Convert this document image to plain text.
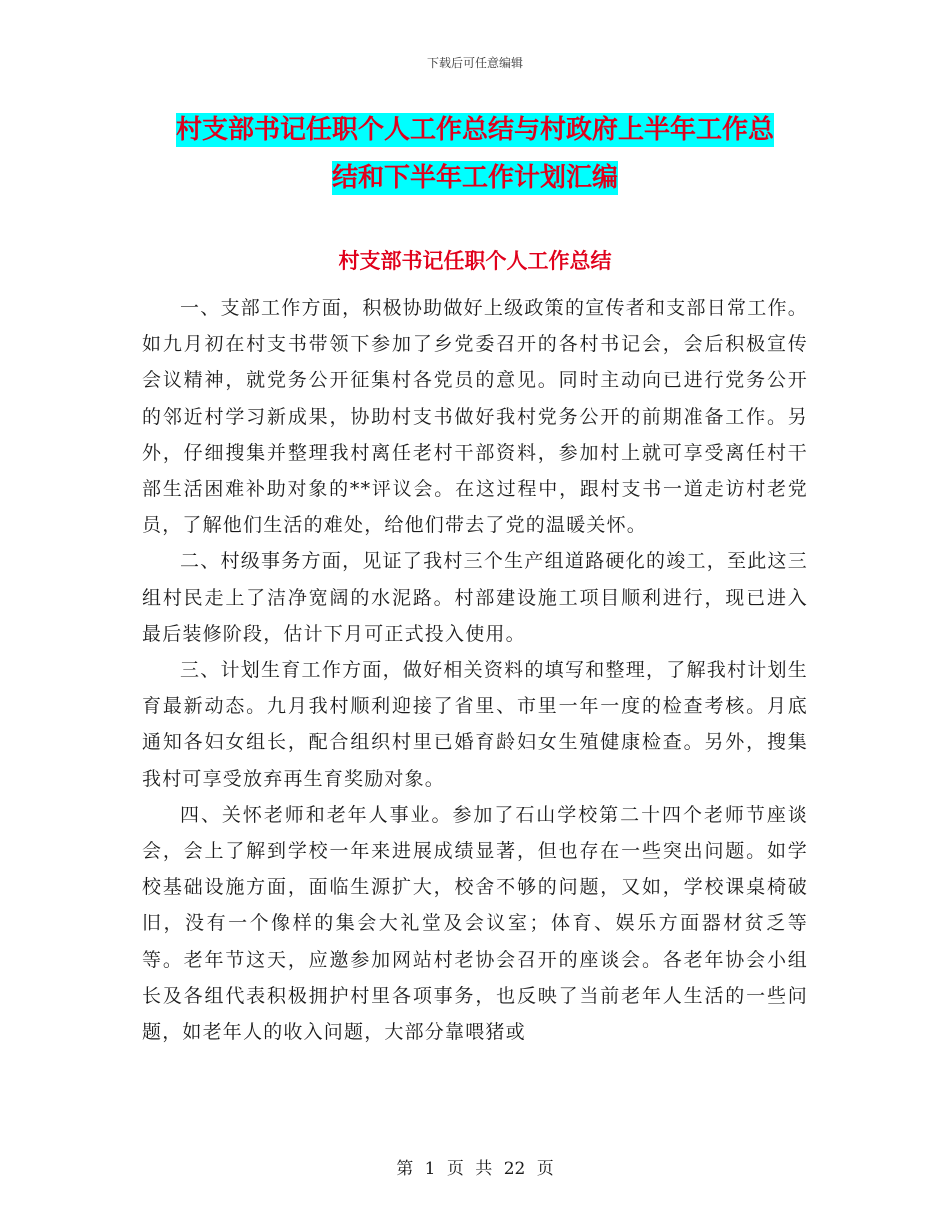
下载后可任意编辑
村支部书记任职个人工作总结与村政府上半年工作总
结和下半年工作计划汇编
村支部书记任职个人工作总结

一、支部工作方面，积极协助做好上级政策的宣传者和支部日常工作。如九月初在村支书带领下参加了乡党委召开的各村书记会，会后积极宣传会议精神，就党务公开征集村各党员的意见。同时主动向已进行党务公开的邻近村学习新成果，协助村支书做好我村党务公开的前期准备工作。另外，仔细搜集并整理我村离任老村干部资料，参加村上就可享受离任村干部生活困难补助对象的**评议会。在这过程中，跟村支书一道走访村老党员，了解他们生活的难处，给他们带去了党的温暖关怀。

二、村级事务方面，见证了我村三个生产组道路硬化的竣工，至此这三组村民走上了洁净宽阔的水泥路。村部建设施工项目顺利进行，现已进入最后装修阶段，估计下月可正式投入使用。

三、计划生育工作方面，做好相关资料的填写和整理，了解我村计划生育最新动态。九月我村顺利迎接了省里、市里一年一度的检查考核。月底通知各妇女组长，配合组织村里已婚育龄妇女生殖健康检查。另外，搜集我村可享受放弃再生育奖励对象。

四、关怀老师和老年人事业。参加了石山学校第二十四个老师节座谈会，会上了解到学校一年来进展成绩显著，但也存在一些突出问题。如学校基础设施方面，面临生源扩大，校舍不够的问题，又如，学校课桌椅破旧，没有一个像样的集会大礼堂及会议室；体育、娱乐方面器材贫乏等等。老年节这天，应邀参加网站村老协会召开的座谈会。各老年协会小组长及各组代表积极拥护村里各项事务，也反映了当前老年人生活的一些问题，如老年人的收入问题，大部分靠喂猪或

第 1 页 共 22 页
